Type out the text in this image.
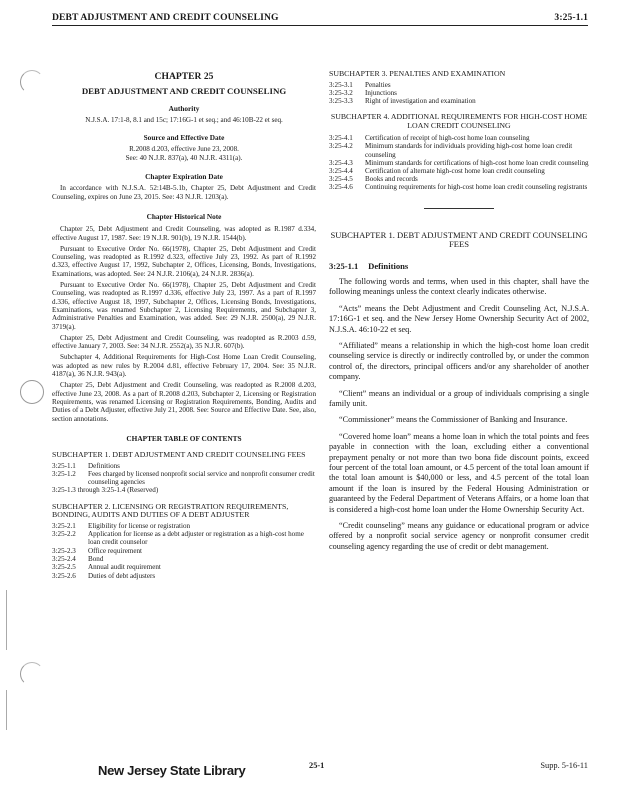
DEBT ADJUSTMENT AND CREDIT COUNSELING	3:25-1.1
CHAPTER 25
DEBT ADJUSTMENT AND CREDIT COUNSELING
Authority
N.J.S.A. 17:1-8, 8.1 and 15c; 17:16G-1 et seq.; and 46:10B-22 et seq.
Source and Effective Date
R.2008 d.203, effective June 23, 2008.
See: 40 N.J.R. 837(a), 40 N.J.R. 4311(a).
Chapter Expiration Date

In accordance with N.J.S.A. 52:14B-5.1b, Chapter 25, Debt Adjustment and Credit Counseling, expires on June 23, 2015. See: 43 N.J.R. 1203(a).

Chapter Historical Note

Chapter 25, Debt Adjustment and Credit Counseling, was adopted as R.1987 d.334, effective August 17, 1987. See: 19 N.J.R. 901(b), 19 N.J.R. 1544(b).

Pursuant to Executive Order No. 66(1978), Chapter 25, Debt Adjustment and Credit Counseling, was readopted as R.1992 d.323, effective July 23, 1992. As part of R.1992 d.323, effective August 17, 1992, Subchapter 2, Offices, Licensing, Bonds, Investigations, Examinations, was adopted. See: 24 N.J.R. 2106(a), 24 N.J.R. 2836(a).

Pursuant to Executive Order No. 66(1978), Chapter 25, Debt Adjustment and Credit Counseling, was readopted as R.1997 d.336, effective July 23, 1997. As a part of R.1997 d.336, effective August 18, 1997, Subchapter 2, Offices, Licensing Bonds, Investigations, Examinations, was renamed Subchapter 2, Licensing Requirements, and Subchapter 3, Administrative Penalties and Examination, was added. See: 29 N.J.R. 2500(a), 29 N.J.R. 3719(a).

Chapter 25, Debt Adjustment and Credit Counseling, was readopted as R.2003 d.59, effective January 7, 2003. See: 34 N.J.R. 2552(a), 35 N.J.R. 607(b).

Subchapter 4, Additional Requirements for High-Cost Home Loan Credit Counseling, was adopted as new rules by R.2004 d.81, effective February 17, 2004. See: 35 N.J.R. 4187(a), 36 N.J.R. 943(a).

Chapter 25, Debt Adjustment and Credit Counseling, was readopted as R.2008 d.203, effective June 23, 2008. As a part of R.2008 d.203, Subchapter 2, Licensing or Registration Requirements, was renamed Licensing or Registration Requirements, Bonding, Audits and Duties of a Debt Adjuster, effective July 21, 2008. See: Source and Effective Date. See, also, section annotations.

CHAPTER TABLE OF CONTENTS
SUBCHAPTER 1. DEBT ADJUSTMENT AND CREDIT COUNSELING FEES
3:25-1.1	Definitions
3:25-1.2	Fees charged by licensed nonprofit social service and nonprofit consumer credit counseling agencies
3:25-1.3 through 3:25-1.4 (Reserved)
SUBCHAPTER 2. LICENSING OR REGISTRATION REQUIREMENTS, BONDING, AUDITS AND DUTIES OF A DEBT ADJUSTER
3:25-2.1	Eligibility for license or registration
3:25-2.2	Application for license as a debt adjuster or registration as a high-cost home loan credit counselor
3:25-2.3	Office requirement
3:25-2.4	Bond
3:25-2.5	Annual audit requirement
3:25-2.6	Duties of debt adjusters
SUBCHAPTER 3. PENALTIES AND EXAMINATION
3:25-3.1	Penalties
3:25-3.2	Injunctions
3:25-3.3	Right of investigation and examination
SUBCHAPTER 4. ADDITIONAL REQUIREMENTS FOR HIGH-COST HOME LOAN CREDIT COUNSELING
3:25-4.1	Certification of receipt of high-cost home loan counseling
3:25-4.2	Minimum standards for individuals providing high-cost home loan credit counseling
3:25-4.3	Minimum standards for certifications of high-cost home loan credit counseling
3:25-4.4	Certification of alternate high-cost home loan credit counseling
3:25-4.5	Books and records
3:25-4.6	Continuing requirements for high-cost home loan credit counseling registrants
SUBCHAPTER 1. DEBT ADJUSTMENT AND CREDIT COUNSELING FEES
3:25-1.1 Definitions

The following words and terms, when used in this chapter, shall have the following meanings unless the context clearly indicates otherwise.

“Acts” means the Debt Adjustment and Credit Counseling Act, N.J.S.A. 17:16G-1 et seq. and the New Jersey Home Ownership Security Act of 2002, N.J.S.A. 46:10-22 et seq.

“Affiliated” means a relationship in which the high-cost home loan credit counseling service is directly or indirectly controlled by, or under the common control of, the directors, principal officers and/or any shareholder of another company.

“Client” means an individual or a group of individuals comprising a single family unit.

“Commissioner” means the Commissioner of Banking and Insurance.

“Covered home loan” means a home loan in which the total points and fees payable in connection with the loan, excluding either a conventional prepayment penalty or not more than two bona fide discount points, exceed four percent of the total loan amount, or 4.5 percent of the total loan amount if the total loan amount is $40,000 or less, and 4.5 percent of the total loan amount if the loan is insured by the Federal Housing Administration or guaranteed by the Federal Department of Veterans Affairs, or a home loan that is considered a high-cost home loan under the Home Ownership Security Act.

“Credit counseling” means any guidance or educational program or advice offered by a nonprofit social service agency or nonprofit consumer credit counseling agency regarding the use of credit or debt management.

New Jersey State Library	25-1	Supp. 5-16-11
